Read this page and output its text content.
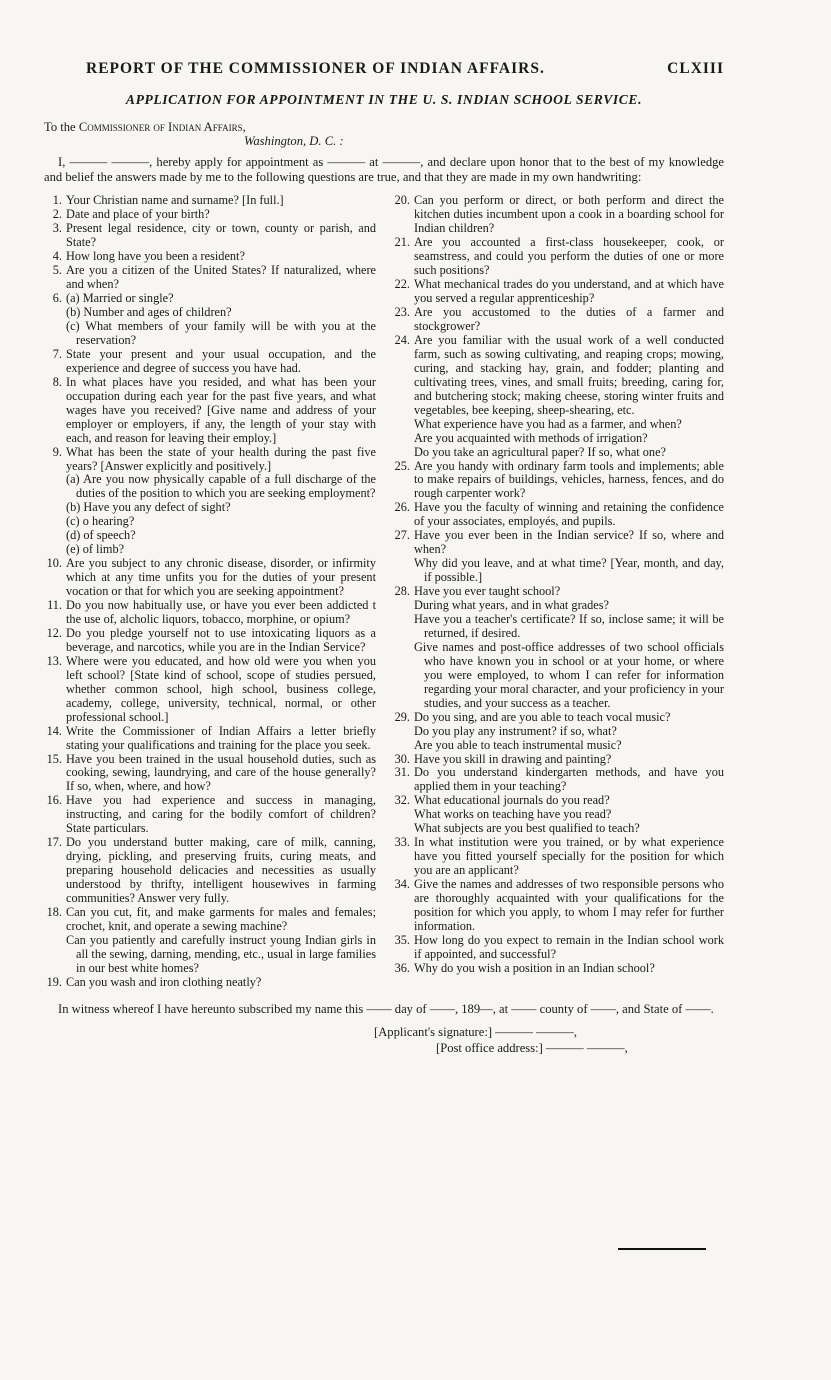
REPORT OF THE COMMISSIONER OF INDIAN AFFAIRS.	CLXIII
APPLICATION FOR APPOINTMENT IN THE U. S. INDIAN SCHOOL SERVICE.
To the Commissioner of Indian Affairs,
Washington, D. C. :
I, ——— ———, hereby apply for appointment as ——— at ———, and declare upon honor that to the best of my knowledge and belief the answers made by me to the following questions are true, and that they are made in my own handwriting:
1. Your Christian name and surname? [In full.]
2. Date and place of your birth?
3. Present legal residence, city or town, county or parish, and State?
4. How long have you been a resident?
5. Are you a citizen of the United States? If naturalized, where and when?
6. (a) Married or single?
(b) Number and ages of children?
(c) What members of your family will be with you at the reservation?
7. State your present and your usual occupation, and the experience and degree of success you have had.
8. In what places have you resided, and what has been your occupation during each year for the past five years, and what wages have you received? [Give name and address of your employer or employers, if any, the length of your stay with each, and reason for leaving their employ.]
9. What has been the state of your health during the past five years? [Answer explicitly and positively.]
(a) Are you now physically capable of a full discharge of the duties of the position to which you are seeking employment?
(b) Have you any defect of sight?
(c) o hearing?
(d) of speech?
(e) of limb?
10. Are you subject to any chronic disease, disorder, or infirmity which at any time unfits you for the duties of your present vocation or that for which you are seeking appointment?
11. Do you now habitually use, or have you ever been addicted t the use of, alcholic liquors, tobacco, morphine, or opium?
12. Do you pledge yourself not to use intoxicating liquors as a beverage, and narcotics, while you are in the Indian Service?
13. Where were you educated, and how old were you when you left school? [State kind of school, scope of studies persued, whether common school, high school, business college, academy, college, university, technical, normal, or other professional school.]
14. Write the Commissioner of Indian Affairs a letter briefly stating your qualifications and training for the place you seek.
15. Have you been trained in the usual household duties, such as cooking, sewing, laundrying, and care of the house generally? If so, when, where, and how?
16. Have you had experience and success in managing, instructing, and caring for the bodily comfort of children? State particulars.
17. Do you understand butter making, care of milk, canning, drying, pickling, and preserving fruits, curing meats, and preparing household delicacies and necessities as usually understood by thrifty, intelligent housewives in farming communities? Answer very fully.
18. Can you cut, fit, and make garments for males and females; crochet, knit, and operate a sewing machine?
Can you patiently and carefully instruct young Indian girls in all the sewing, darning, mending, etc., usual in large families in our best white homes?
19. Can you wash and iron clothing neatly?
20. Can you perform or direct, or both perform and direct the kitchen duties incumbent upon a cook in a boarding school for Indian children?
21. Are you accounted a first-class housekeeper, cook, or seamstress, and could you perform the duties of one or more such positions?
22. What mechanical trades do you understand, and at which have you served a regular apprenticeship?
23. Are you accustomed to the duties of a farmer and stockgrower?
24. Are you familiar with the usual work of a well conducted farm, such as sowing cultivating, and reaping crops; mowing, curing, and stacking hay, grain, and fodder; planting and cultivating trees, vines, and small fruits; breeding, caring for, and butchering stock; making cheese, storing winter fruits and vegetables, bee keeping, sheep-shearing, etc.
What experience have you had as a farmer, and when?
Are you acquainted with methods of irrigation?
Do you take an agricultural paper? If so, what one?
25. Are you handy with ordinary farm tools and implements; able to make repairs of buildings, vehicles, harness, fences, and do rough carpenter work?
26. Have you the faculty of winning and retaining the confidence of your associates, employés, and pupils.
27. Have you ever been in the Indian service? If so, where and when?
Why did you leave, and at what time? [Year, month, and day, if possible.]
28. Have you ever taught school?
During what years, and in what grades?
Have you a teacher's certificate? If so, inclose same; it will be returned, if desired.
Give names and post-office addresses of two school officials who have known you in school or at your home, or where you were employed, to whom I can refer for information regarding your moral character, and your proficiency in your studies, and your success as a teacher.
29. Do you sing, and are you able to teach vocal music?
Do you play any instrument? if so, what?
Are you able to teach instrumental music?
30. Have you skill in drawing and painting?
31. Do you understand kindergarten methods, and have you applied them in your teaching?
32. What educational journals do you read?
What works on teaching have you read?
What subjects are you best qualified to teach?
33. In what institution were you trained, or by what experience have you fitted yourself specially for the position for which you are an applicant?
34. Give the names and addresses of two responsible persons who are thoroughly acquainted with your qualifications for the position for which you apply, to whom I may refer for further information.
35. How long do you expect to remain in the Indian school work if appointed, and successful?
36. Why do you wish a position in an Indian school?
In witness whereof I have hereunto subscribed my name this —— day of ——, 189—, at —— county of ——, and State of ——.
[Applicant's signature:] ——— ———,
[Post office address:] ——— ———,
